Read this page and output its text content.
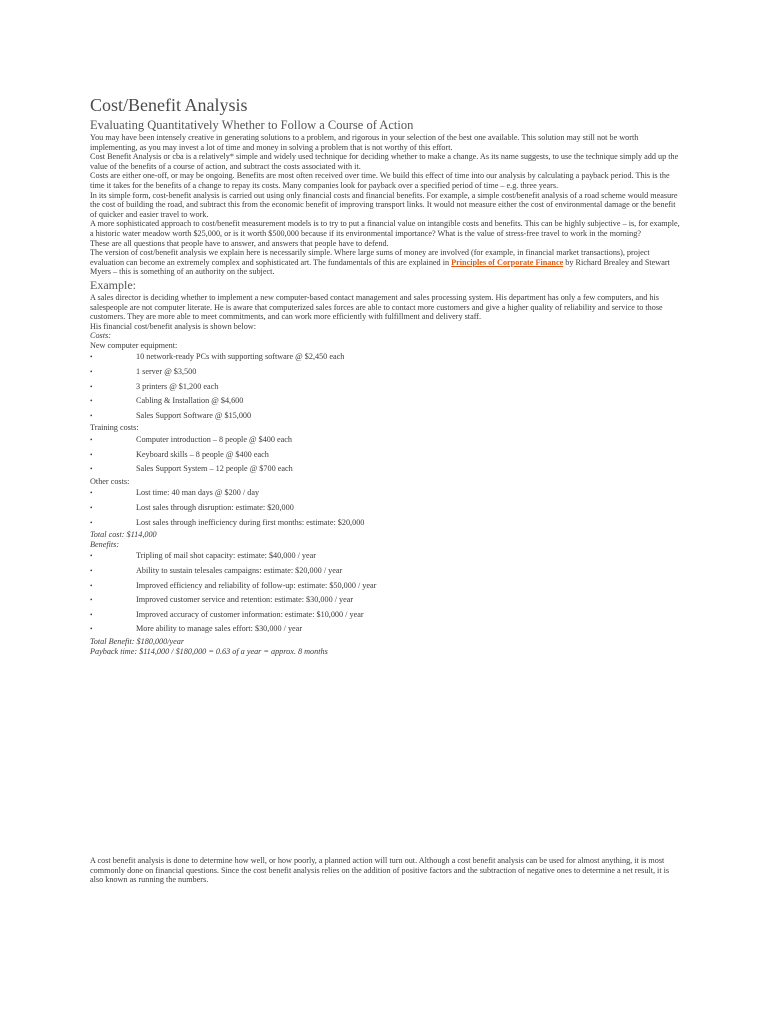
Cost/Benefit Analysis
Evaluating Quantitatively Whether to Follow a Course of Action

You may have been intensely creative in generating solutions to a problem, and rigorous in your selection of the best one available. This solution may still not be worth implementing, as you may invest a lot of time and money in solving a problem that is not worthy of this effort.

Cost Benefit Analysis or cba is a relatively* simple and widely used technique for deciding whether to make a change. As its name suggests, to use the technique simply add up the value of the benefits of a course of action, and subtract the costs associated with it.

Costs are either one-off, or may be ongoing. Benefits are most often received over time. We build this effect of time into our analysis by calculating a payback period. This is the time it takes for the benefits of a change to repay its costs. Many companies look for payback over a specified period of time – e.g. three years.

In its simple form, cost-benefit analysis is carried out using only financial costs and financial benefits. For example, a simple cost/benefit analysis of a road scheme would measure the cost of building the road, and subtract this from the economic benefit of improving transport links. It would not measure either the cost of environmental damage or the benefit of quicker and easier travel to work.

A more sophisticated approach to cost/benefit measurement models is to try to put a financial value on intangible costs and benefits. This can be highly subjective – is, for example, a historic water meadow worth $25,000, or is it worth $500,000 because if its environmental importance? What is the value of stress-free travel to work in the morning?

These are all questions that people have to answer, and answers that people have to defend.

The version of cost/benefit analysis we explain here is necessarily simple. Where large sums of money are involved (for example, in financial market transactions), project evaluation can become an extremely complex and sophisticated art. The fundamentals of this are explained in Principles of Corporate Finance by Richard Brealey and Stewart Myers – this is something of an authority on the subject.

Example:

A sales director is deciding whether to implement a new computer-based contact management and sales processing system. His department has only a few computers, and his salespeople are not computer literate. He is aware that computerized sales forces are able to contact more customers and give a higher quality of reliability and service to those customers. They are more able to meet commitments, and can work more efficiently with fulfillment and delivery staff.

His financial cost/benefit analysis is shown below:

Costs:

New computer equipment:

•	10 network-ready PCs with supporting software @ $2,450 each
•	1 server @ $3,500
•	3 printers @ $1,200 each
•	Cabling & Installation @ $4,600
•	Sales Support Software @ $15,000

Training costs:

•	Computer introduction – 8 people @ $400 each
•	Keyboard skills – 8 people @ $400 each
•	Sales Support System – 12 people @ $700 each

Other costs:

•	Lost time: 40 man days @ $200 / day
•	Lost sales through disruption: estimate: $20,000
•	Lost sales through inefficiency during first months: estimate: $20,000

Total cost: $114,000

Benefits:

•	Tripling of mail shot capacity: estimate: $40,000 / year
•	Ability to sustain telesales campaigns: estimate: $20,000 / year
•	Improved efficiency and reliability of follow-up: estimate: $50,000 / year
•	Improved customer service and retention: estimate: $30,000 / year
•	Improved accuracy of customer information: estimate: $10,000 / year
•	More ability to manage sales effort: $30,000 / year

Total Benefit: $180,000/year

Payback time: $114,000 / $180,000 = 0.63 of a year = approx. 8 months

A cost benefit analysis is done to determine how well, or how poorly, a planned action will turn out. Although a cost benefit analysis can be used for almost anything, it is most commonly done on financial questions. Since the cost benefit analysis relies on the addition of positive factors and the subtraction of negative ones to determine a net result, it is also known as running the numbers.
